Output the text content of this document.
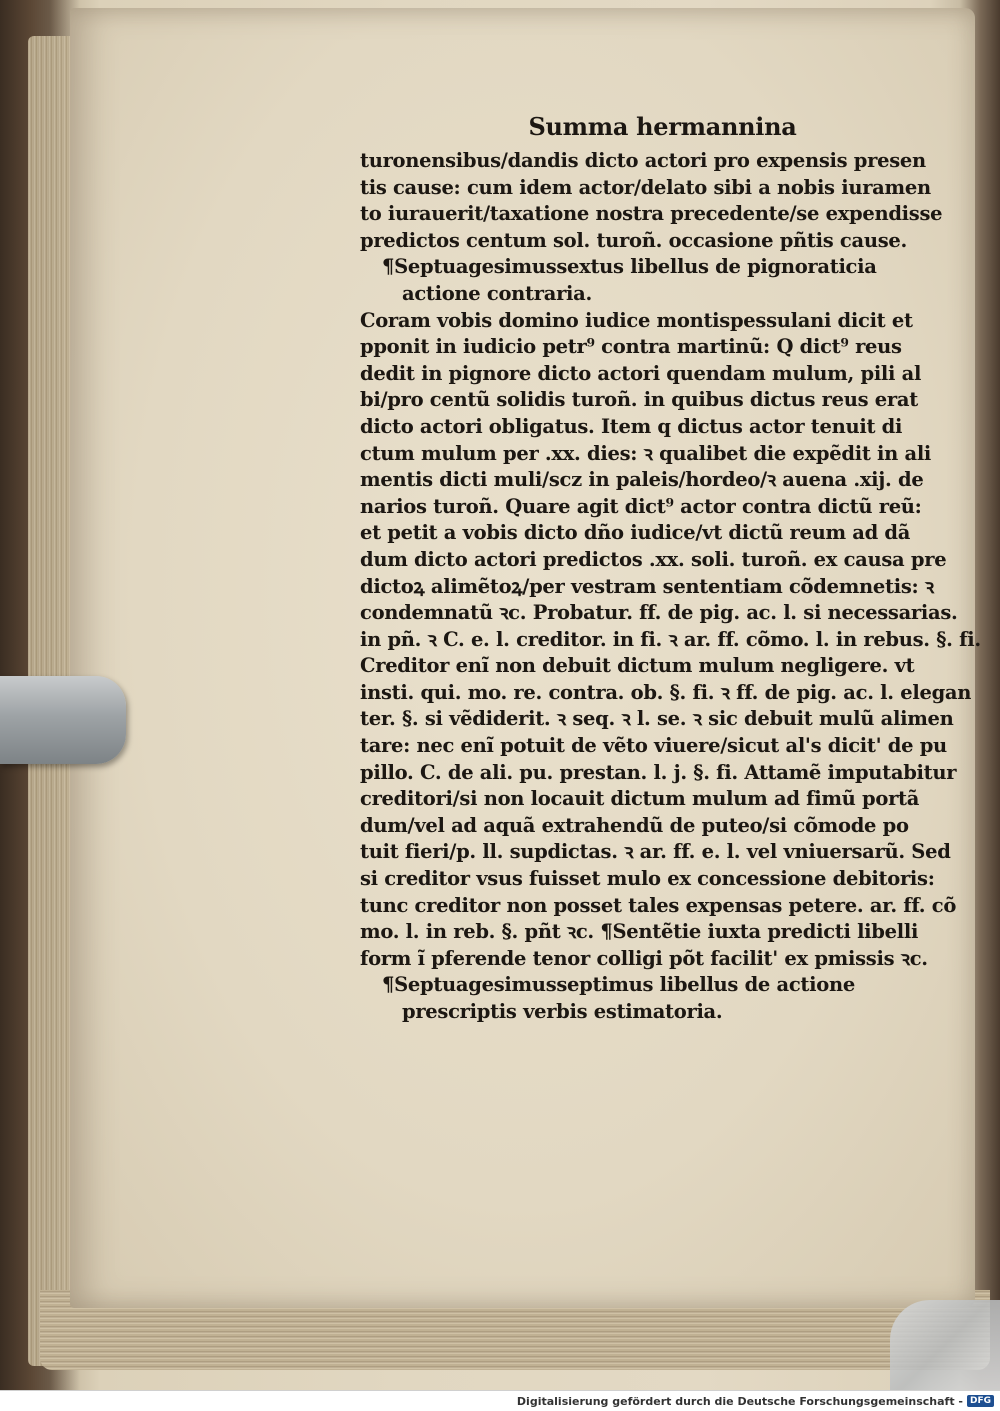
Summa hermannina
turonensibus/dandis dicto actori pro expensis presen
tis cause: cum idem actor/delato sibi a nobis iuramen
to iurauerit/taxatione nostra precedente/se expendisse
predictos centum sol. turoñ. occasione pñtis cause.
¶Septuagesimussextus libellus de pignoraticia
actione contraria.
Coram vobis domino iudice montispessulani dicit et
pponit in iudicio petr⁹ contra martinũ: Q dict⁹ reus
dedit in pignore dicto actori quendam mulum, pili al
bi/pro centũ solidis turoñ. in quibus dictus reus erat
dicto actori obligatus. Item q dictus actor tenuit di
ctum mulum per .xx. dies: ꝛ qualibet die expẽdit in ali
mentis dicti muli/scz in paleis/hordeo/ꝛ auena .xij. de
narios turoñ. Quare agit dict⁹ actor contra dictũ reũ:
et petit a vobis dicto dño iudice/vt dictũ reum ad dã
dum dicto actori predictos .xx. soli. turoñ. ex causa pre
dictoꝝ alimẽtoꝝ/per vestram sententiam cõdemnetis: ꝛ
condemnatũ ꝛc. Probatur. ff. de pig. ac. l. si necessarias.
in pñ. ꝛ C. e. l. creditor. in fi. ꝛ ar. ff. cõmo. l. in rebus. §. fi.
Creditor enĩ non debuit dictum mulum negligere. vt
insti. qui. mo. re. contra. ob. §. fi. ꝛ ff. de pig. ac. l. elegan
ter. §. si vẽdiderit. ꝛ seq. ꝛ l. se. ꝛ sic debuit mulũ alimen
tare: nec enĩ potuit de vẽto viuere/sicut al's dicit' de pu
pillo. C. de ali. pu. prestan. l. j. §. fi. Attamẽ imputabitur
creditori/si non locauit dictum mulum ad fimũ portã
dum/vel ad aquã extrahendũ de puteo/si cõmode po
tuit fieri/p. ll. supdictas. ꝛ ar. ff. e. l. vel vniuersarũ. Sed
si creditor vsus fuisset mulo ex concessione debitoris:
tunc creditor non posset tales expensas petere. ar. ff. cõ
mo. l. in reb. §. pñt ꝛc. ¶Sentẽtie iuxta predicti libelli
form ĩ pferende tenor colligi põt facilit' ex pmissis ꝛc.
¶Septuagesimusseptimus libellus de actione
prescriptis verbis estimatoria.
Digitalisierung gefördert durch die Deutsche Forschungsgemeinschaft - DFG
